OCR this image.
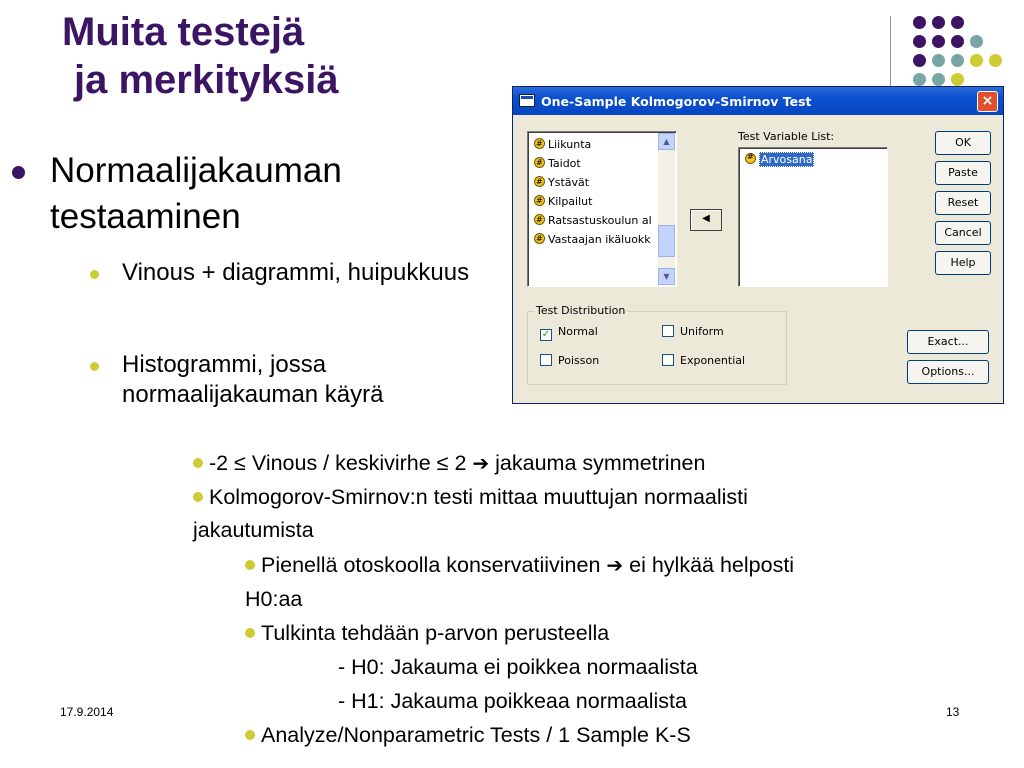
Muita testejä
ja merkityksiä
Normaalijakauman testaaminen
Vinous + diagrammi, huipukkuus
Histogrammi, jossa normaalijakauman käyrä
-2 ≤ Vinous / keskivirhe ≤ 2 ➔ jakauma symmetrinen
Kolmogorov-Smirnov:n testi mittaa muuttujan normaalisti
jakautumista
Pienellä otoskoolla konservatiivinen ➔ ei hylkää helposti
H0:aa
Tulkinta tehdään p-arvon perusteella
- H0: Jakauma ei poikkea normaalista
- H1: Jakauma poikkeaa normaalista
Analyze/Nonparametric Tests / 1 Sample K-S
17.9.2014	13
One-Sample Kolmogorov-Smirnov Test	×
#Liikunta
#Taidot
#Ystävät
#Kilpailut
#Ratsastuskoulun al
#Vastaajan ikäluokk
▲
▼
◀
Test Variable List:
#Arvosana
OK
Paste
Reset
Cancel
Help
Exact...
Options...
Test Distribution
✓ Normal	Uniform
Poisson	Exponential
